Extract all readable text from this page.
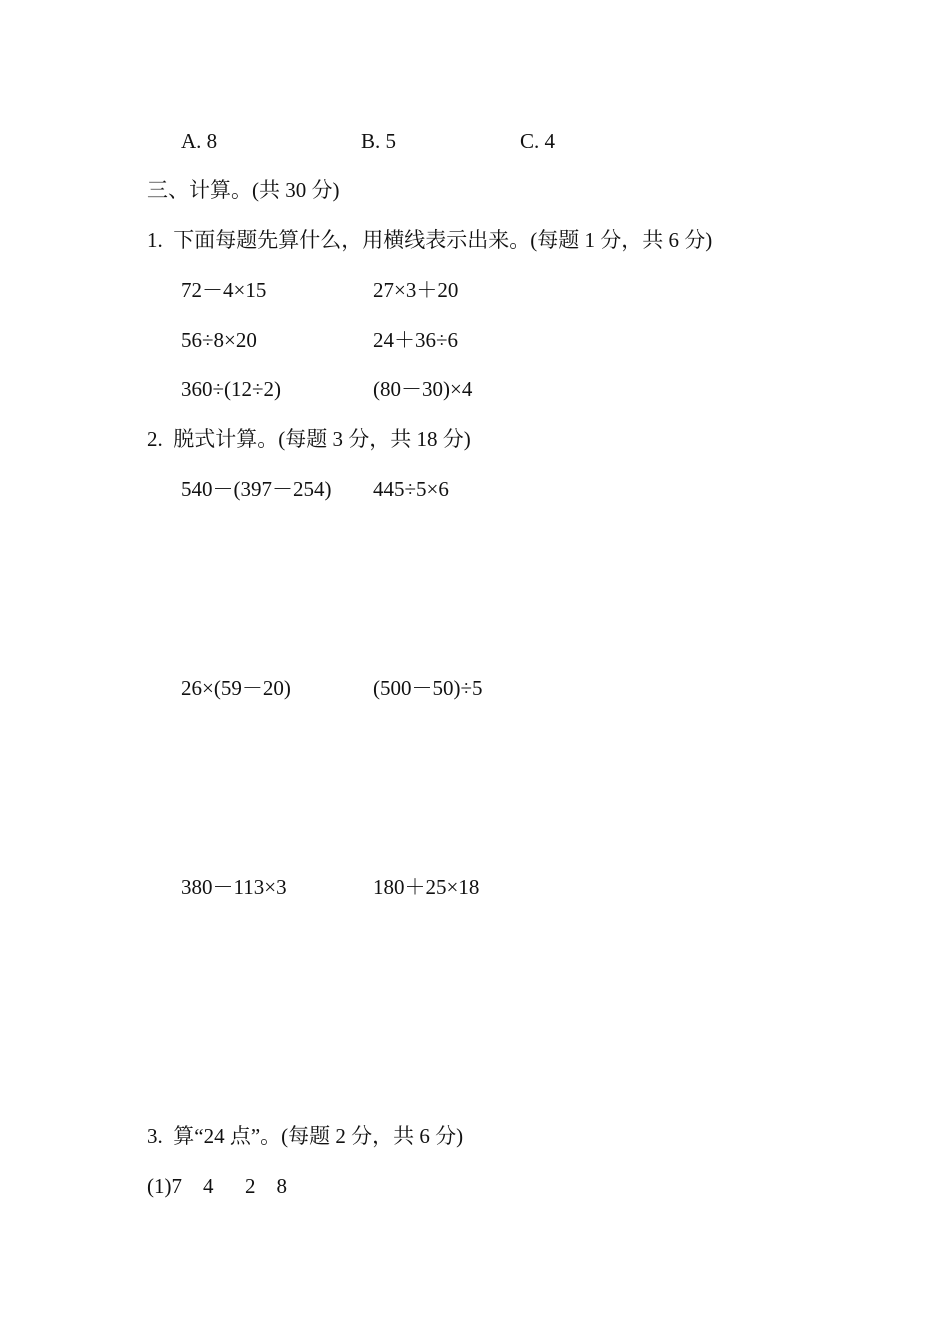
A. 8	B. 5	C. 4
三、计算。(共 30 分)
1.  下面每题先算什么，用横线表示出来。(每题 1 分，共 6 分)
72－4×15	27×3＋20
56÷8×20	24＋36÷6
360÷(12÷2)	(80－30)×4
2.  脱式计算。(每题 3 分，共 18 分)
540－(397－254) 445÷5×6
26×(59－20)	(500－50)÷5
380－113×3	180＋25×18
3.  算“24 点”。(每题 2 分，共 6 分)
(1)7    4      2    8
